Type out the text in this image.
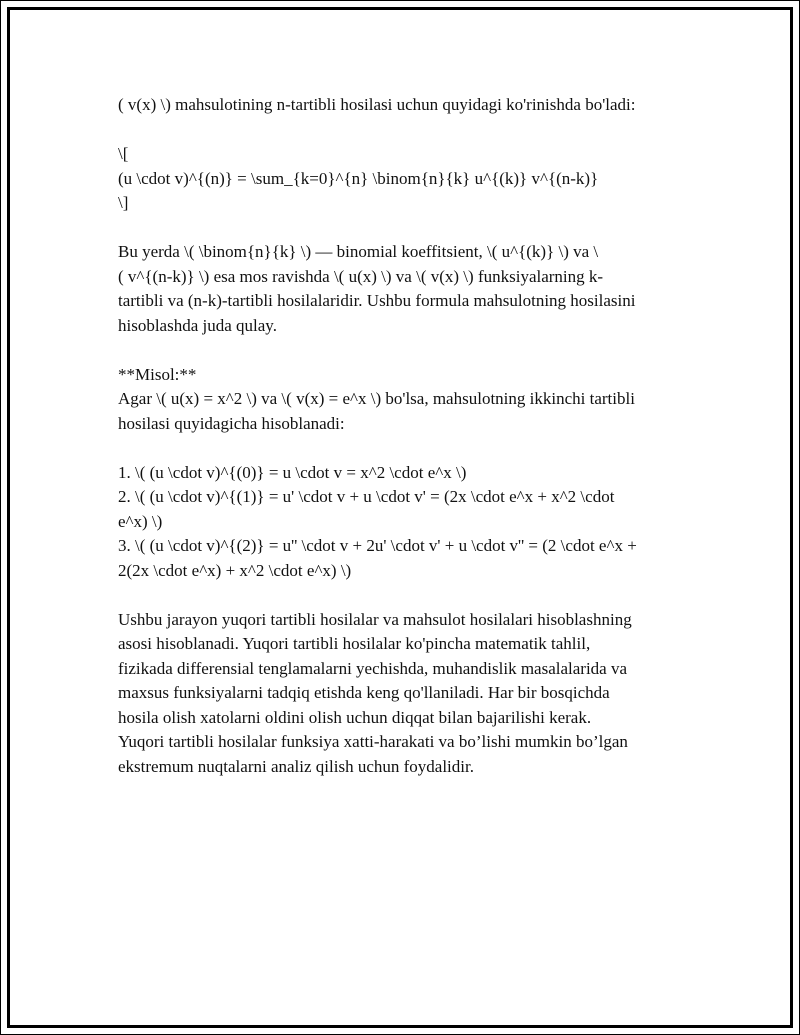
( v(x) \) mahsulotining n-tartibli hosilasi uchun quyidagi ko'rinishda bo'ladi:

\[

(u \cdot v)^{(n)} = \sum_{k=0}^{n} \binom{n}{k} u^{(k)} v^{(n-k)}

\]

Bu yerda \( \binom{n}{k} \) — binomial koeffitsient, \( u^{(k)} \) va \

( v^{(n-k)} \) esa mos ravishda \( u(x) \) va \( v(x) \) funksiyalarning k-

tartibli va (n-k)-tartibli hosilalaridir. Ushbu formula mahsulotning hosilasini

hisoblashda juda qulay.

**Misol:**

Agar \( u(x) = x^2 \) va \( v(x) = e^x \) bo'lsa, mahsulotning ikkinchi tartibli

hosilasi quyidagicha hisoblanadi:

1. \( (u \cdot v)^{(0)} = u \cdot v = x^2 \cdot e^x \)

2. \( (u \cdot v)^{(1)} = u' \cdot v + u \cdot v' = (2x \cdot e^x + x^2 \cdot

e^x) \)

3. \( (u \cdot v)^{(2)} = u'' \cdot v + 2u' \cdot v' + u \cdot v'' = (2 \cdot e^x +

2(2x \cdot e^x) + x^2 \cdot e^x) \)

Ushbu jarayon yuqori tartibli hosilalar va mahsulot hosilalari hisoblashning

asosi hisoblanadi. Yuqori tartibli hosilalar ko'pincha matematik tahlil,

fizikada differensial tenglamalarni yechishda, muhandislik masalalarida va

maxsus funksiyalarni tadqiq etishda keng qo'llaniladi. Har bir bosqichda

hosila olish xatolarni oldini olish uchun diqqat bilan bajarilishi kerak.

Yuqori tartibli hosilalar funksiya xatti-harakati va bo’lishi mumkin bo’lgan

ekstremum nuqtalarni analiz qilish uchun foydalidir.
